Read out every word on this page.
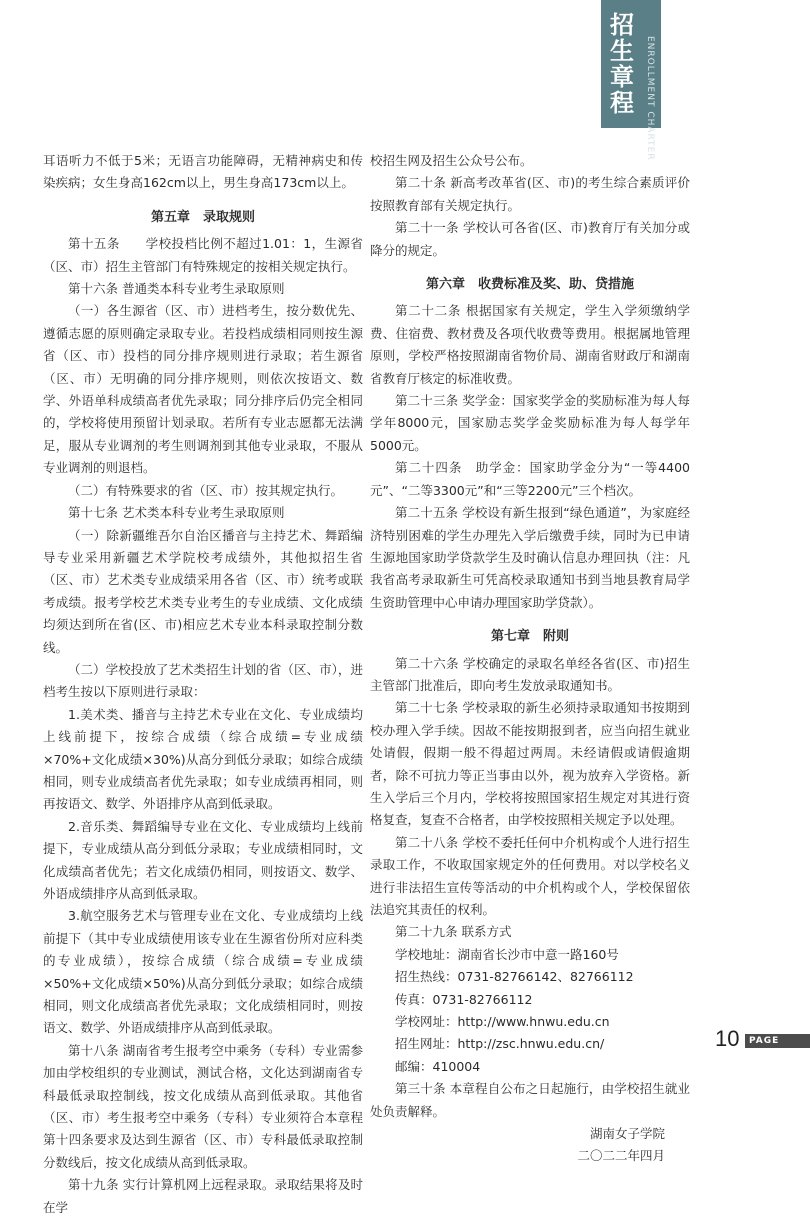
招生章程	ENROLLMENT CHARTER

耳语听力不低于5米；无语言功能障碍，无精神病史和传染疾病；女生身高162cm以上，男生身高173cm以上。

第五章　录取规则

第十五条　　学校投档比例不超过1.01：1，生源省（区、市）招生主管部门有特殊规定的按相关规定执行。

第十六条 普通类本科专业考生录取原则

（一）各生源省（区、市）进档考生，按分数优先、遵循志愿的原则确定录取专业。若投档成绩相同则按生源省（区、市）投档的同分排序规则进行录取；若生源省（区、市）无明确的同分排序规则，则依次按语文、数学、外语单科成绩高者优先录取；同分排序后仍完全相同的，学校将使用预留计划录取。若所有专业志愿都无法满足，服从专业调剂的考生则调剂到其他专业录取，不服从专业调剂的则退档。

（二）有特殊要求的省（区、市）按其规定执行。

第十七条 艺术类本科专业考生录取原则

（一）除新疆维吾尔自治区播音与主持艺术、舞蹈编导专业采用新疆艺术学院校考成绩外，其他拟招生省（区、市）艺术类专业成绩采用各省（区、市）统考或联考成绩。报考学校艺术类专业考生的专业成绩、文化成绩均须达到所在省(区、市)相应艺术专业本科录取控制分数线。

（二）学校投放了艺术类招生计划的省（区、市），进档考生按以下原则进行录取：

1.美术类、播音与主持艺术专业在文化、专业成绩均上线前提下，按综合成绩（综合成绩=专业成绩×70%+文化成绩×30%)从高分到低分录取；如综合成绩相同，则专业成绩高者优先录取；如专业成绩再相同，则再按语文、数学、外语排序从高到低录取。

2.音乐类、舞蹈编导专业在文化、专业成绩均上线前提下，专业成绩从高分到低分录取；专业成绩相同时，文化成绩高者优先；若文化成绩仍相同，则按语文、数学、外语成绩排序从高到低录取。

3.航空服务艺术与管理专业在文化、专业成绩均上线前提下（其中专业成绩使用该专业在生源省份所对应科类的专业成绩），按综合成绩（综合成绩=专业成绩×50%+文化成绩×50%)从高分到低分录取；如综合成绩相同，则文化成绩高者优先录取；文化成绩相同时，则按语文、数学、外语成绩排序从高到低录取。

第十八条 湖南省考生报考空中乘务（专科）专业需参加由学校组织的专业测试，测试合格，文化达到湖南省专科最低录取控制线，按文化成绩从高到低录取。其他省（区、市）考生报考空中乘务（专科）专业须符合本章程第十四条要求及达到生源省（区、市）专科最低录取控制分数线后，按文化成绩从高到低录取。

第十九条 实行计算机网上远程录取。录取结果将及时在学

校招生网及招生公众号公布。

第二十条 新高考改革省(区、市)的考生综合素质评价按照教育部有关规定执行。

第二十一条 学校认可各省(区、市)教育厅有关加分或降分的规定。

第六章　收费标准及奖、助、贷措施

第二十二条 根据国家有关规定，学生入学须缴纳学费、住宿费、教材费及各项代收费等费用。根据属地管理原则，学校严格按照湖南省物价局、湖南省财政厅和湖南省教育厅核定的标准收费。

第二十三条 奖学金：国家奖学金的奖励标准为每人每学年8000元，国家励志奖学金奖励标准为每人每学年5000元。

第二十四条　助学金：国家助学金分为“一等4400元”、“二等3300元”和“三等2200元”三个档次。

第二十五条 学校设有新生报到“绿色通道”，为家庭经济特别困难的学生办理先入学后缴费手续，同时为已申请生源地国家助学贷款学生及时确认信息办理回执（注：凡我省高考录取新生可凭高校录取通知书到当地县教育局学生资助管理中心申请办理国家助学贷款）。

第七章　附则

第二十六条 学校确定的录取名单经各省(区、市)招生主管部门批准后，即向考生发放录取通知书。

第二十七条 学校录取的新生必须持录取通知书按期到校办理入学手续。因故不能按期报到者，应当向招生就业处请假，假期一般不得超过两周。未经请假或请假逾期者，除不可抗力等正当事由以外，视为放弃入学资格。新生入学后三个月内，学校将按照国家招生规定对其进行资格复查，复查不合格者，由学校按照相关规定予以处理。

第二十八条 学校不委托任何中介机构或个人进行招生录取工作，不收取国家规定外的任何费用。对以学校名义进行非法招生宣传等活动的中介机构或个人，学校保留依法追究其责任的权利。

第二十九条 联系方式

学校地址：湖南省长沙市中意一路160号

招生热线：0731-82766142、82766112

传真：0731-82766112

学校网址：http://www.hnwu.edu.cn

招生网址：http://zsc.hnwu.edu.cn/

邮编：410004

第三十条 本章程自公布之日起施行，由学校招生就业处负责解释。

湖南女子学院

二〇二二年四月

10 PAGE
